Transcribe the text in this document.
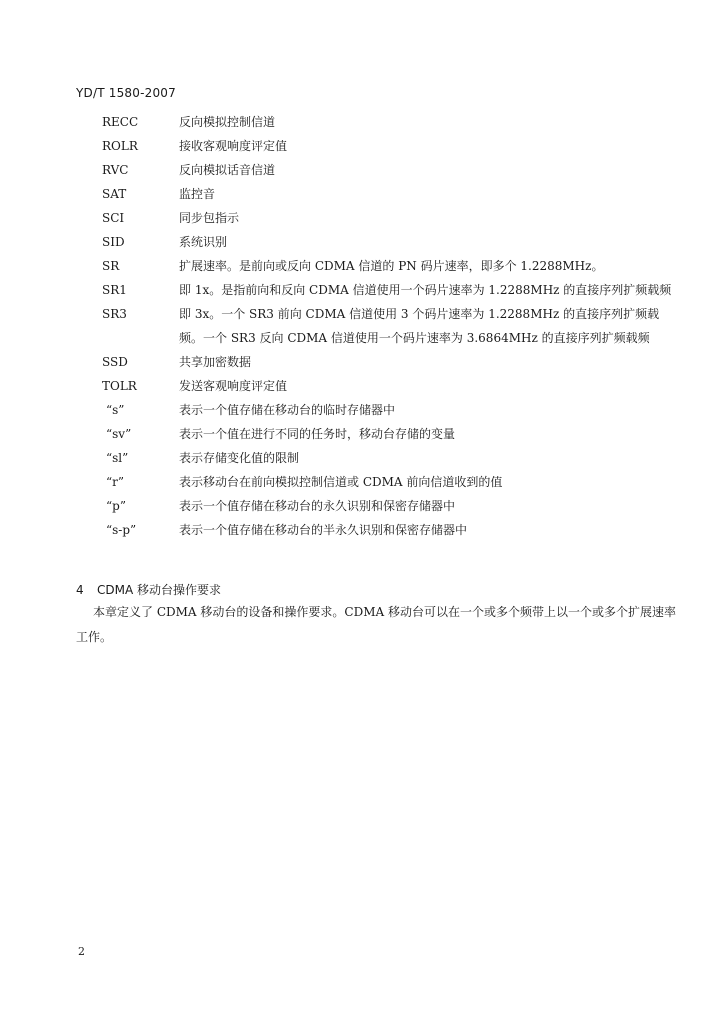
YD/T 1580-2007
RECC	反向模拟控制信道
ROLR	接收客观响度评定值
RVC	反向模拟话音信道
SAT	监控音
SCI	同步包指示
SID	系统识别
SR	扩展速率。是前向或反向 CDMA 信道的 PN 码片速率，即多个 1.2288MHz。
SR1	即 1x。是指前向和反向 CDMA 信道使用一个码片速率为 1.2288MHz 的直接序列扩频载频
SR3	即 3x。一个 SR3 前向 CDMA 信道使用 3 个码片速率为 1.2288MHz 的直接序列扩频载频。一个 SR3 反向 CDMA 信道使用一个码片速率为 3.6864MHz 的直接序列扩频载频
SSD	共享加密数据
TOLR	发送客观响度评定值
“s”	表示一个值存储在移动台的临时存储器中
“sv”	表示一个值在进行不同的任务时，移动台存储的变量
“sl”	表示存储变化值的限制
“r”	表示移动台在前向模拟控制信道或 CDMA 前向信道收到的值
“p”	表示一个值存储在移动台的永久识别和保密存储器中
“s-p”	表示一个值存储在移动台的半永久识别和保密存储器中
4 CDMA 移动台操作要求
本章定义了 CDMA 移动台的设备和操作要求。CDMA 移动台可以在一个或多个频带上以一个或多个扩展速率工作。
2
